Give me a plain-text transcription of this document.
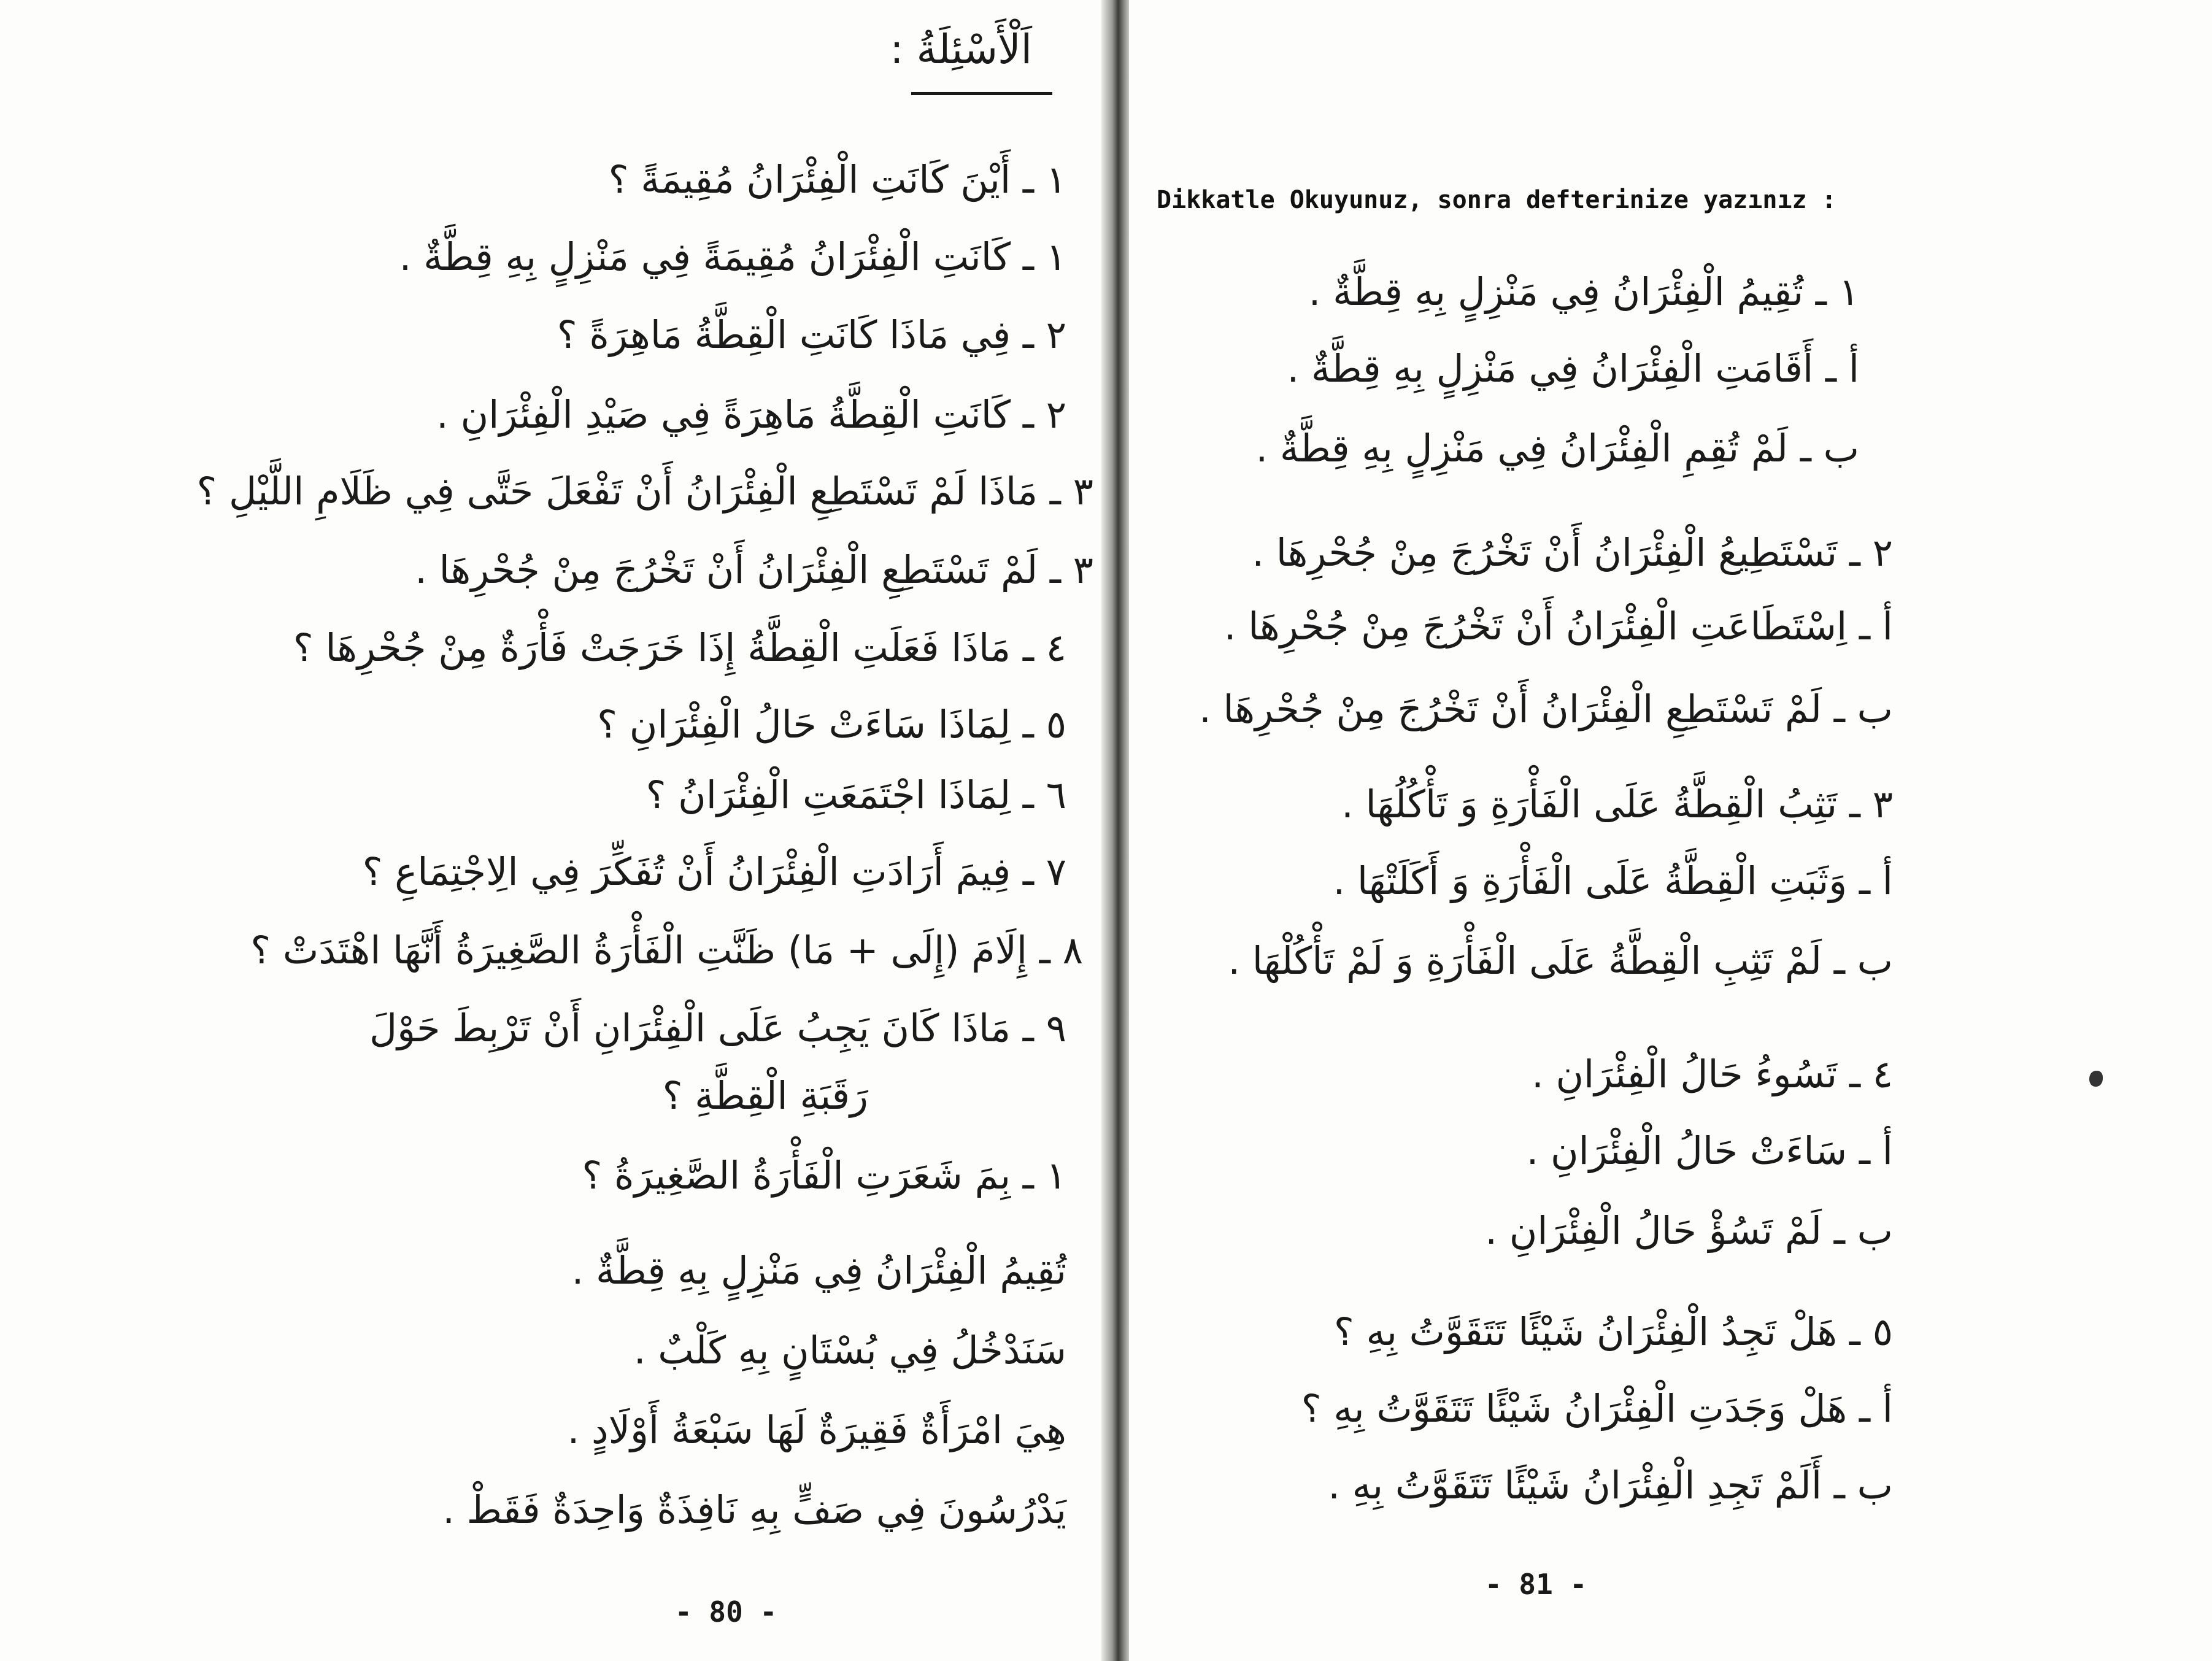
اَلْأَسْئِلَةُ :
١ ـ أَيْنَ كَانَتِ الْفِئْرَانُ مُقِيمَةً ؟
١ ـ كَانَتِ الْفِئْرَانُ مُقِيمَةً فِي مَنْزِلٍ بِهِ قِطَّةٌ .
٢ ـ فِي مَاذَا كَانَتِ الْقِطَّةُ مَاهِرَةً ؟
٢ ـ كَانَتِ الْقِطَّةُ مَاهِرَةً فِي صَيْدِ الْفِئْرَانِ .
٣ ـ مَاذَا لَمْ تَسْتَطِعِ الْفِئْرَانُ أَنْ تَفْعَلَ حَتَّى فِي ظَلَامِ اللَّيْلِ ؟
٣ ـ لَمْ تَسْتَطِعِ الْفِئْرَانُ أَنْ تَخْرُجَ مِنْ جُحْرِهَا .
٤ ـ مَاذَا فَعَلَتِ الْقِطَّةُ إِذَا خَرَجَتْ فَأْرَةٌ مِنْ جُحْرِهَا ؟
٥ ـ لِمَاذَا سَاءَتْ حَالُ الْفِئْرَانِ ؟
٦ ـ لِمَاذَا اجْتَمَعَتِ الْفِئْرَانُ ؟
٧ ـ فِيمَ أَرَادَتِ الْفِئْرَانُ أَنْ تُفَكِّرَ فِي الِاجْتِمَاعِ ؟
٨ ـ إِلَامَ (إِلَى + مَا) ظَنَّتِ الْفَأْرَةُ الصَّغِيرَةُ أَنَّهَا اهْتَدَتْ ؟
٩ ـ مَاذَا كَانَ يَجِبُ عَلَى الْفِئْرَانِ أَنْ تَرْبِطَ حَوْلَ
رَقَبَةِ الْقِطَّةِ ؟
١ ـ بِمَ شَعَرَتِ الْفَأْرَةُ الصَّغِيرَةُ ؟
تُقِيمُ الْفِئْرَانُ فِي مَنْزِلٍ بِهِ قِطَّةٌ .
سَنَدْخُلُ فِي بُسْتَانٍ بِهِ كَلْبٌ .
هِيَ امْرَأَةٌ فَقِيرَةٌ لَهَا سَبْعَةُ أَوْلَادٍ .
يَدْرُسُونَ فِي صَفٍّ بِهِ نَافِذَةٌ وَاحِدَةٌ فَقَطْ .
- 80 -
Dikkatle Okuyunuz, sonra defterinize yazınız :
١ ـ تُقِيمُ الْفِئْرَانُ فِي مَنْزِلٍ بِهِ قِطَّةٌ .
أ ـ أَقَامَتِ الْفِئْرَانُ فِي مَنْزِلٍ بِهِ قِطَّةٌ .
ب ـ لَمْ تُقِمِ الْفِئْرَانُ فِي مَنْزِلٍ بِهِ قِطَّةٌ .
٢ ـ تَسْتَطِيعُ الْفِئْرَانُ أَنْ تَخْرُجَ مِنْ جُحْرِهَا .
أ ـ اِسْتَطَاعَتِ الْفِئْرَانُ أَنْ تَخْرُجَ مِنْ جُحْرِهَا .
ب ـ لَمْ تَسْتَطِعِ الْفِئْرَانُ أَنْ تَخْرُجَ مِنْ جُحْرِهَا .
٣ ـ تَثِبُ الْقِطَّةُ عَلَى الْفَأْرَةِ وَ تَأْكُلُهَا .
أ ـ وَثَبَتِ الْقِطَّةُ عَلَى الْفَأْرَةِ وَ أَكَلَتْهَا .
ب ـ لَمْ تَثِبِ الْقِطَّةُ عَلَى الْفَأْرَةِ وَ لَمْ تَأْكُلْهَا .
٤ ـ تَسُوءُ حَالُ الْفِئْرَانِ .
أ ـ سَاءَتْ حَالُ الْفِئْرَانِ .
ب ـ لَمْ تَسُؤْ حَالُ الْفِئْرَانِ .
٥ ـ هَلْ تَجِدُ الْفِئْرَانُ شَيْئًا تَتَقَوَّتُ بِهِ ؟
أ ـ هَلْ وَجَدَتِ الْفِئْرَانُ شَيْئًا تَتَقَوَّتُ بِهِ ؟
ب ـ أَلَمْ تَجِدِ الْفِئْرَانُ شَيْئًا تَتَقَوَّتُ بِهِ .
- 81 -
